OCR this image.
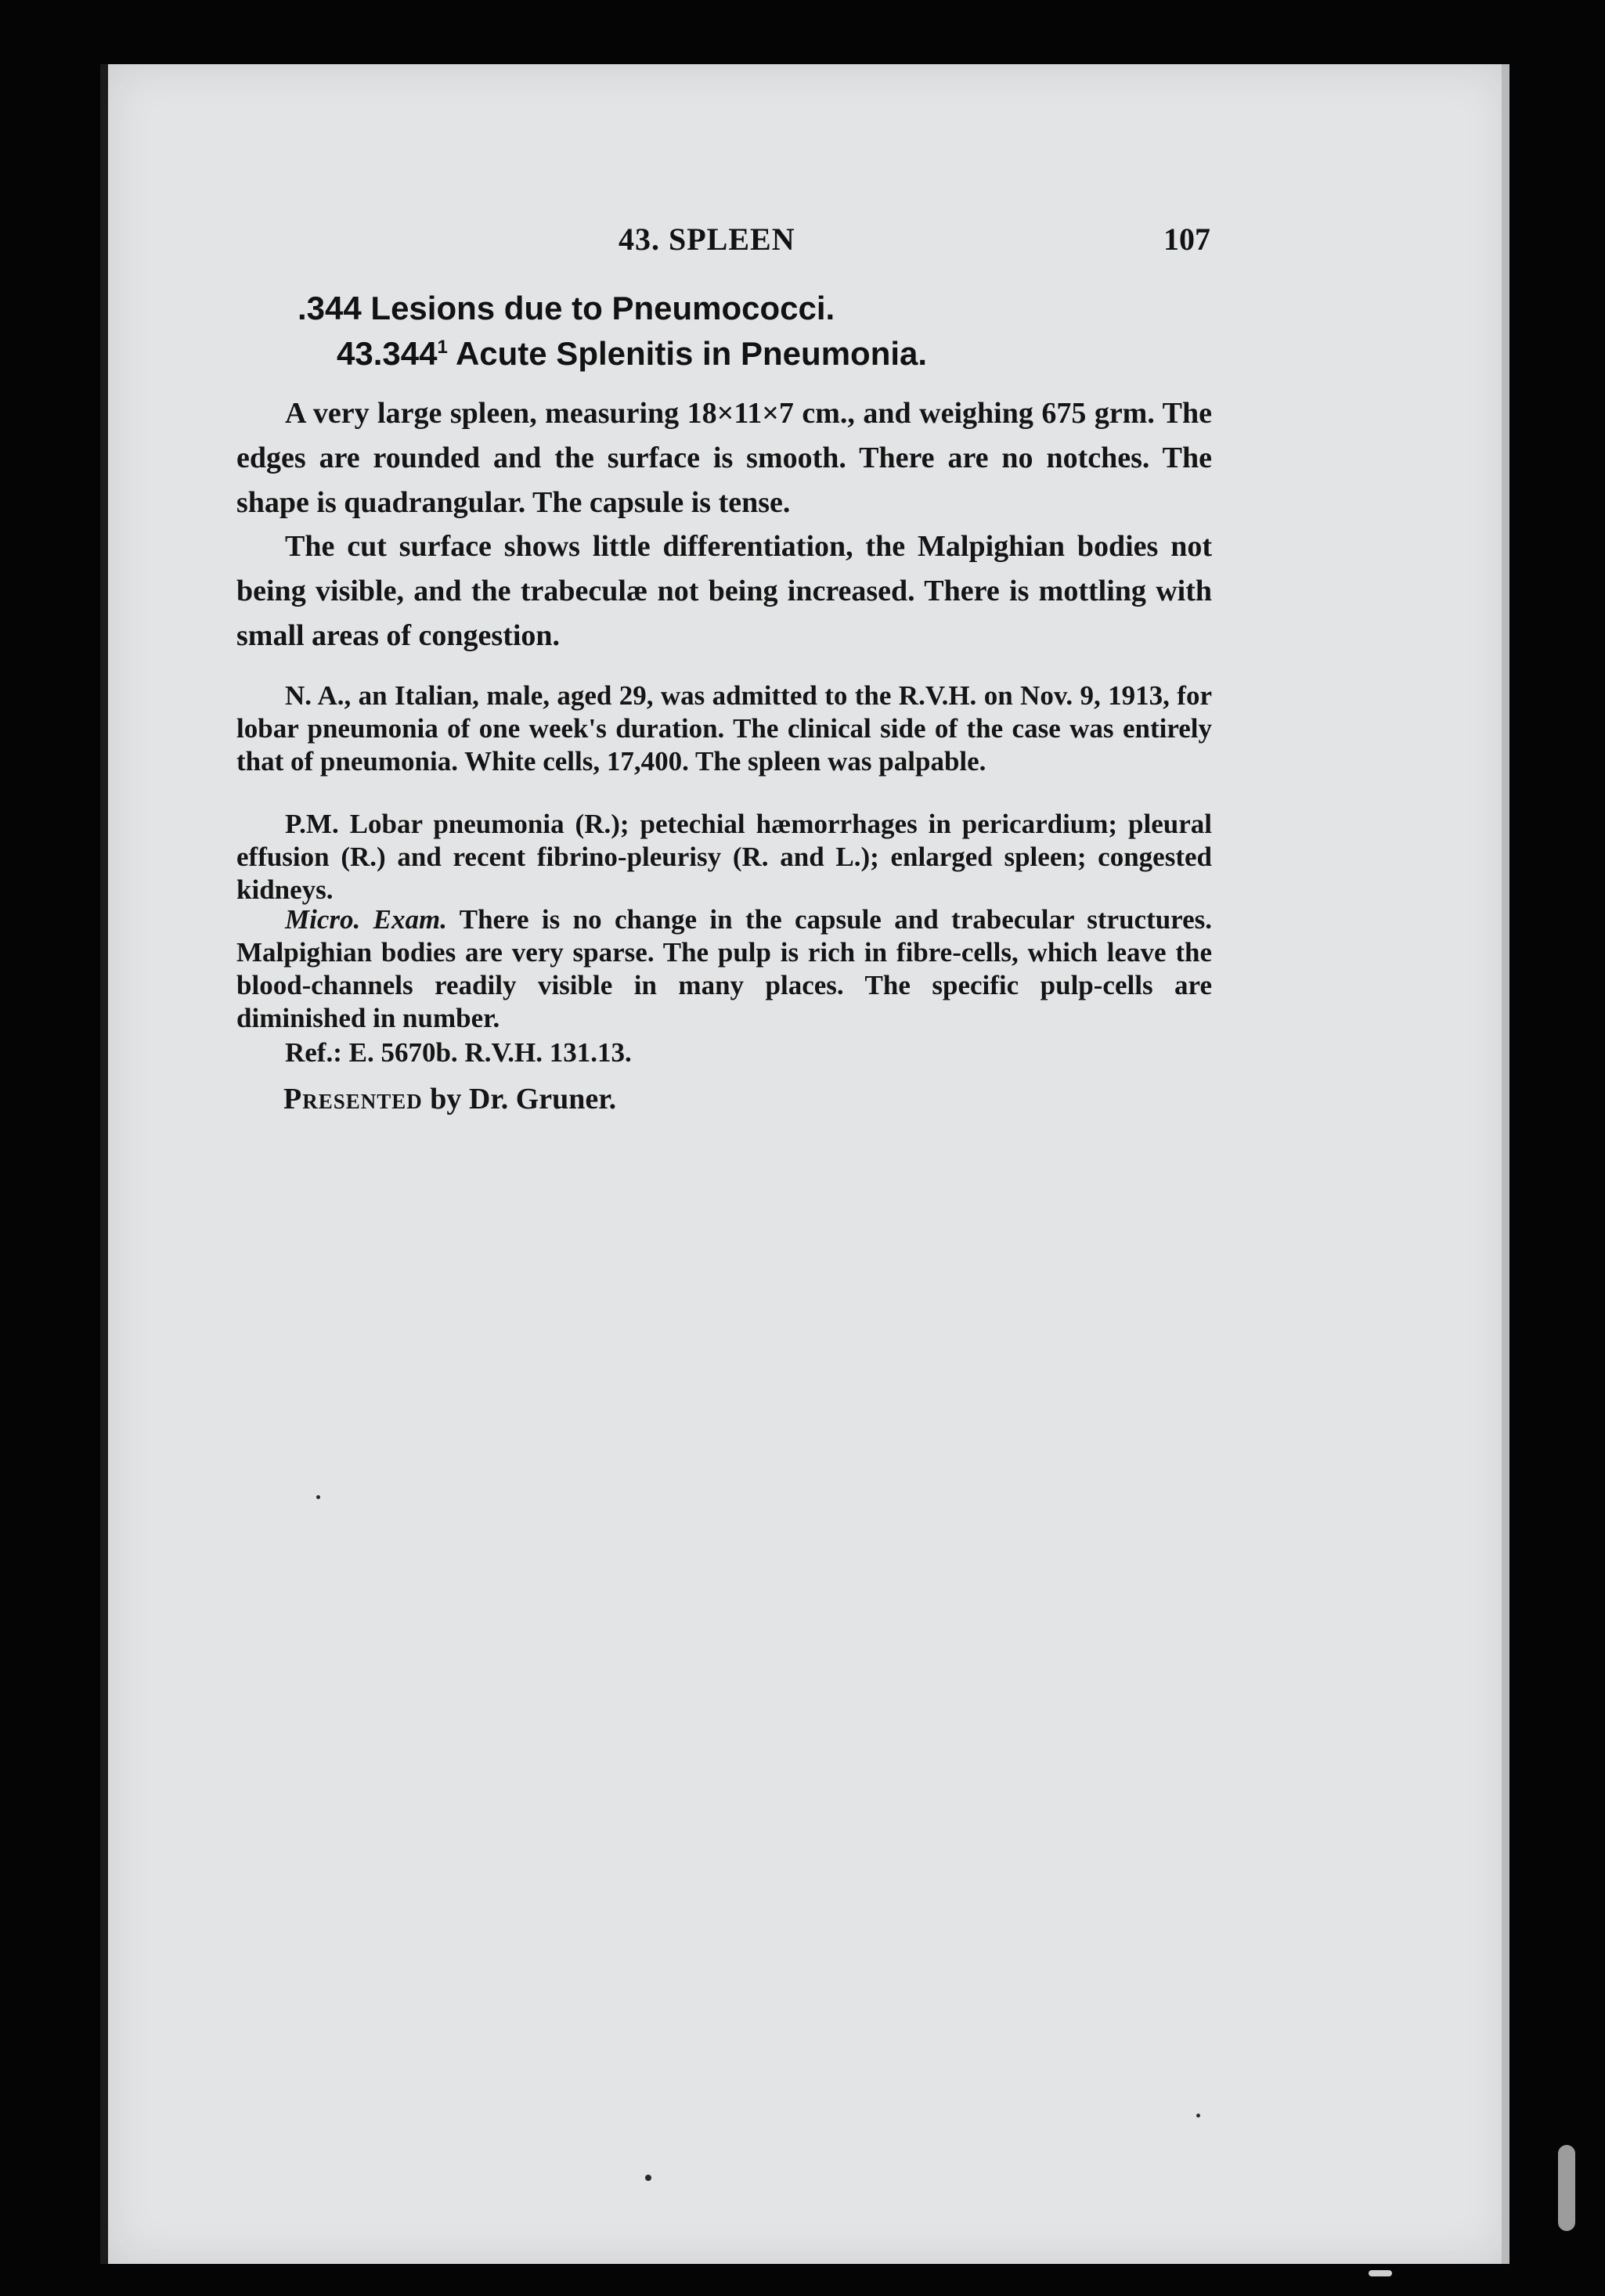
43. SPLEEN	107
.344 Lesions due to Pneumococci.
43.344$^1$ Acute Splenitis in Pneumonia.

A very large spleen, measuring 18×11×7 cm., and weighing 675 grm. The edges are rounded and the surface is smooth. There are no notches. The shape is quadrangular. The capsule is tense.

The cut surface shows little differentiation, the Malpighian bodies not being visible, and the trabeculæ not being increased. There is mottling with small areas of congestion.

N. A., an Italian, male, aged 29, was admitted to the R.V.H. on Nov. 9, 1913, for lobar pneumonia of one week's duration. The clinical side of the case was entirely that of pneumonia. White cells, 17,400. The spleen was palpable.

P.M. Lobar pneumonia (R.); petechial hæmorrhages in pericardium; pleural effusion (R.) and recent fibrino-pleurisy (R. and L.); enlarged spleen; congested kidneys.

Micro. Exam. There is no change in the capsule and trabecular structures. Malpighian bodies are very sparse. The pulp is rich in fibre-cells, which leave the blood-channels readily visible in many places. The specific pulp-cells are diminished in number.

Ref.: E. 5670b. R.V.H. 131.13.

Presented by Dr. Gruner.
